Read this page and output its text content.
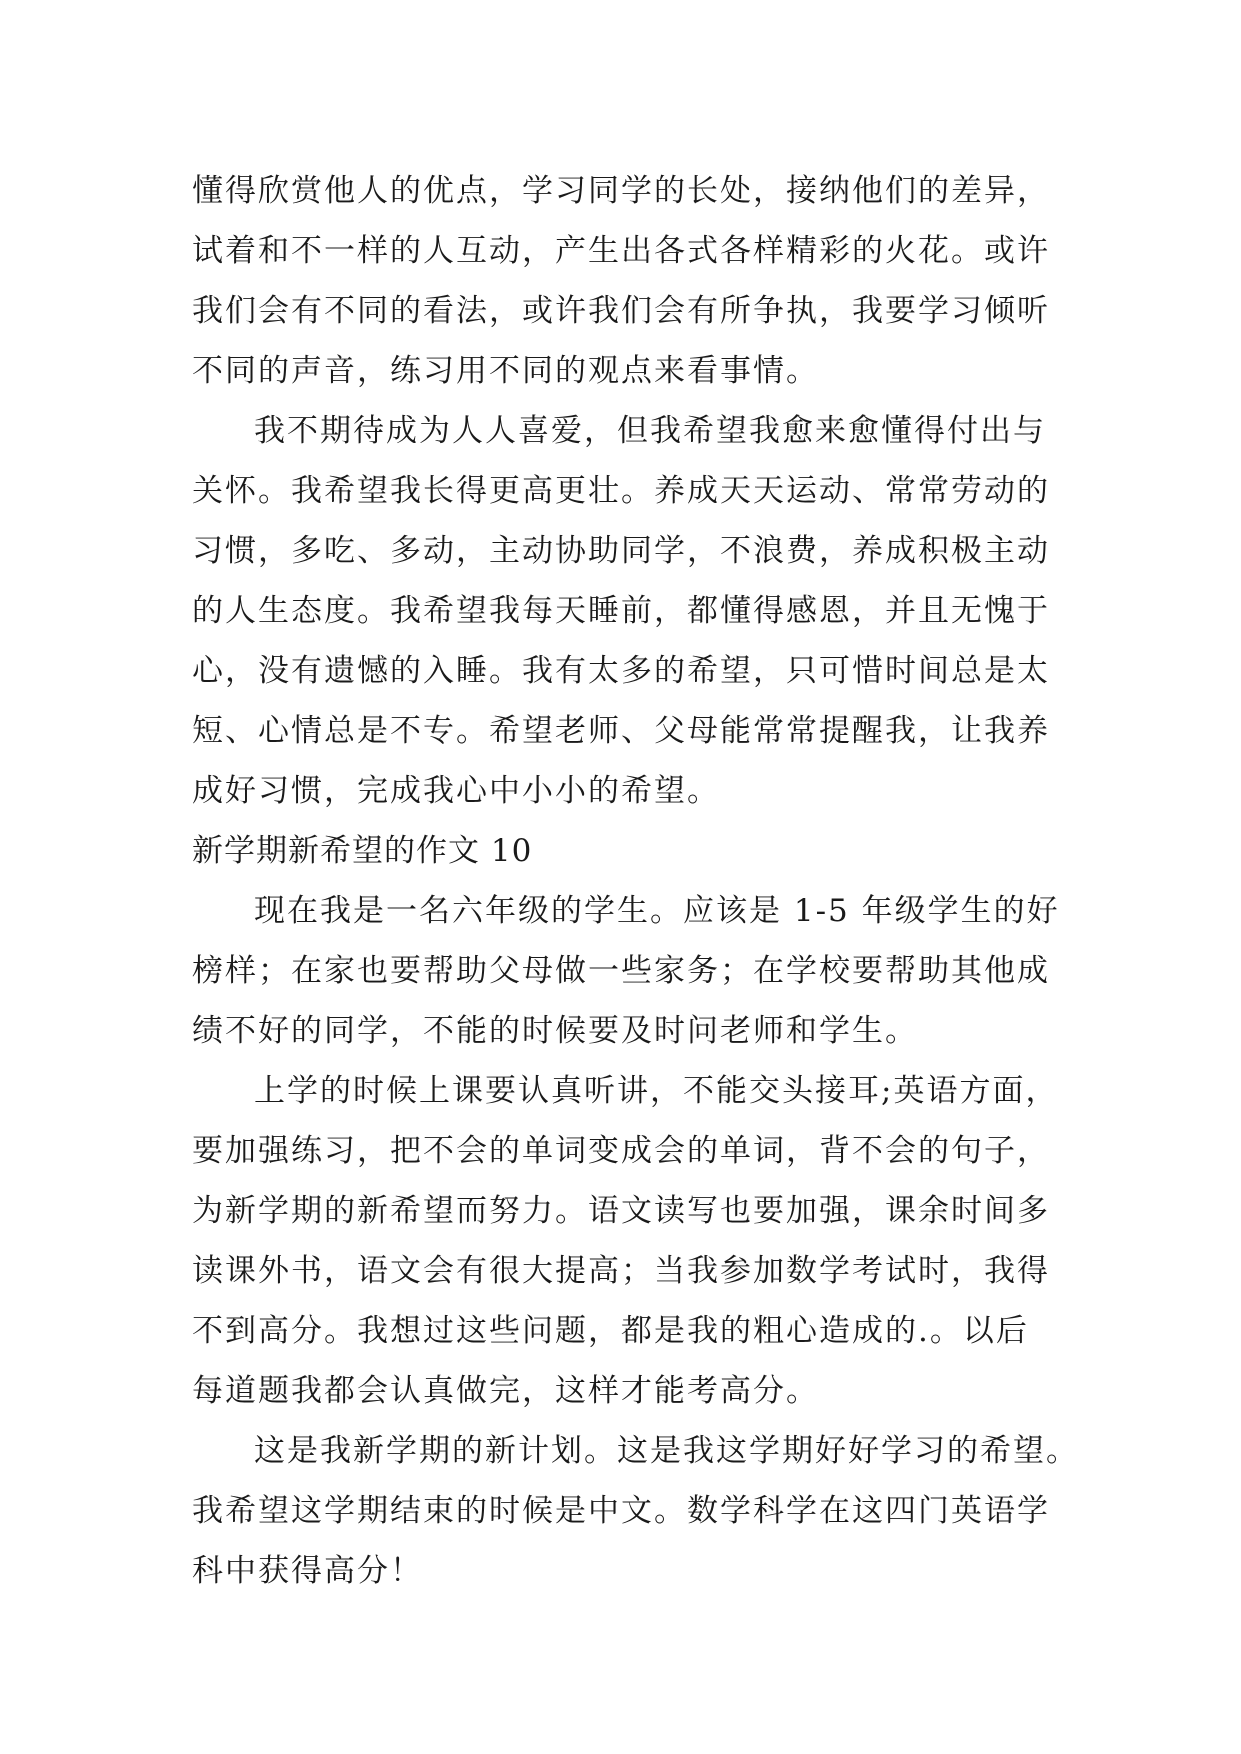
懂得欣赏他人的优点，学习同学的长处，接纳他们的差异，
试着和不一样的人互动，产生出各式各样精彩的火花。或许
我们会有不同的看法，或许我们会有所争执，我要学习倾听
不同的声音，练习用不同的观点来看事情。
我不期待成为人人喜爱，但我希望我愈来愈懂得付出与
关怀。我希望我长得更高更壮。养成天天运动、常常劳动的
习惯，多吃、多动，主动协助同学，不浪费，养成积极主动
的人生态度。我希望我每天睡前，都懂得感恩，并且无愧于
心，没有遗憾的入睡。我有太多的希望，只可惜时间总是太
短、心情总是不专。希望老师、父母能常常提醒我，让我养
成好习惯，完成我心中小小的希望。
新学期新希望的作文 10
现在我是一名六年级的学生。应该是 1-5 年级学生的好
榜样；在家也要帮助父母做一些家务；在学校要帮助其他成
绩不好的同学，不能的时候要及时问老师和学生。
上学的时候上课要认真听讲，不能交头接耳;英语方面，
要加强练习，把不会的单词变成会的单词，背不会的句子，
为新学期的新希望而努力。语文读写也要加强，课余时间多
读课外书，语文会有很大提高；当我参加数学考试时，我得
不到高分。我想过这些问题，都是我的粗心造成的.。以后
每道题我都会认真做完，这样才能考高分。
这是我新学期的新计划。这是我这学期好好学习的希望。
我希望这学期结束的时候是中文。数学科学在这四门英语学
科中获得高分！
